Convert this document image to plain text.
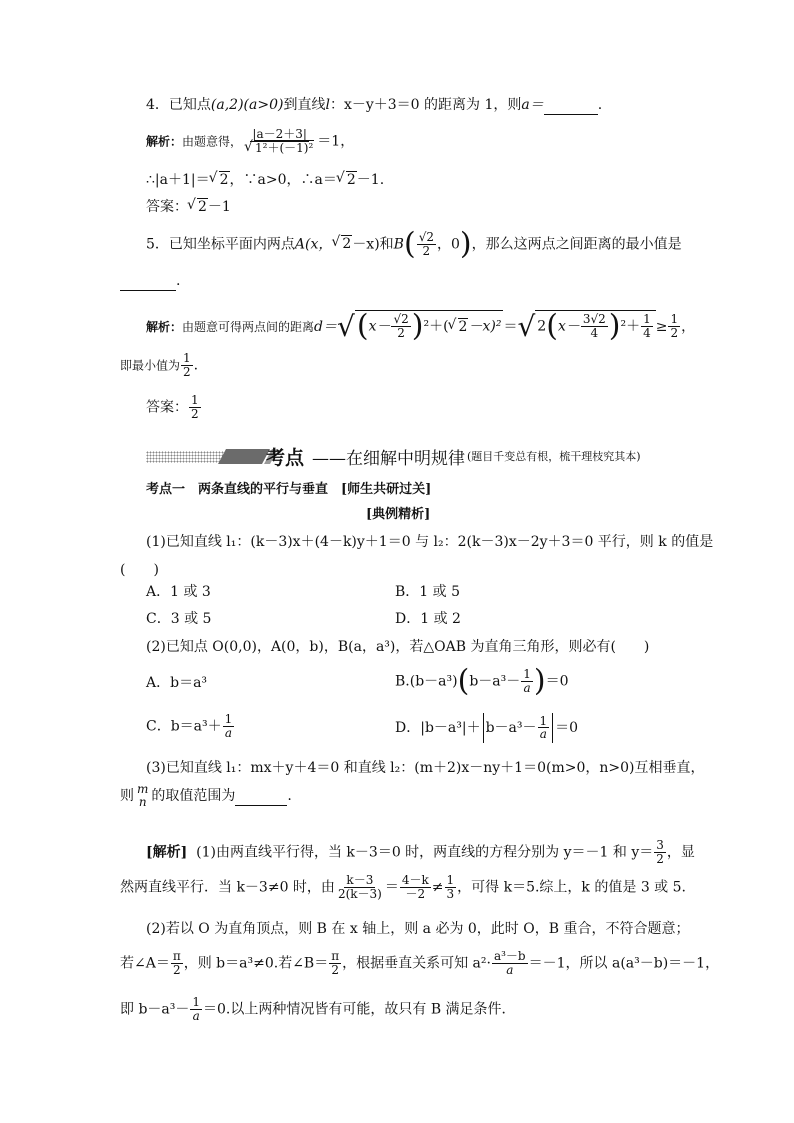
4．已知点(a,2)(a>0)到直线l：x－y＋3＝0 的距离为 1，则a＝	.
解析：由题意得， |a－2＋3|
√ 1²＋(－1)² ＝1，
∴|a＋1|＝√ 2，∵a>0，∴a＝√ 2－1.
答案：√ 2－1
5．已知坐标平面内两点A(x，√ 2－x)和$B( \frac{√2}{2}$ ，0)，那么这两点之间距离的最小值是
.
解析：由题意可得两点间的距离$d=√(x- \frac{√2}{2} )^2+(√$ 2－x)² ＝√ $2(x- \frac{3√2}{4} )^2+ \frac{1}{4} \ge \frac{1}{2}$ ，
即最小值为 $\frac{1}{2}$ .
答案： $\frac{1}{2}$
考点 ——在细解中明规律 (题目千变总有根，梳干理枝究其本)
考点一　两条直线的平行与垂直　[师生共研过关]
[典例精析]
(1)已知直线 l₁：(k－3)x＋(4－k)y＋1＝0 与 l₂：2(k－3)x－2y＋3＝0 平行，则 k 的值是
(　　)
A．1 或 3	B．1 或 5
C．3 或 5	D．1 或 2
(2)已知点 O(0,0)，A(0，b)，B(a，a³)，若△OAB 为直角三角形，则必有(　　)
A．b＝a³	$B.(b-a^3)(b-a^3- \frac{1}{a} )=0$
C．$b=a^3+ \frac{1}{a}$	D．$|b-a^3|+ b-a^3- \frac{1}{a} =0$
(3)已知直线 l₁：mx＋y＋4＝0 和直线 l₂：(m＋2)x－ny＋1＝0(m>0，n>0)互相垂直，
则 m
n 的取值范围为	.
[解析] (1)由两直线平行得，当 k－3＝0 时，两直线的方程分别为 y＝－1 和 $y= \frac{3}{2}$ ，显
然两直线平行．当 k－3≠0 时，由 $\frac{k-3}{2(k-3)} = \frac{4-k}{-2} \ne \frac{1}{3}$ ，可得 k＝5.综上，k 的值是 3 或 5.
(2)若以 O 为直角顶点，则 B 在 x 轴上，则 a 必为 0，此时 O，B 重合，不符合题意；
若∠A＝ $\frac{\pi}{2}$ ，则 b＝a³≠0.若∠B＝ $\frac{\pi}{2}$ ，根据垂直关系可知 $a^2\cdot \frac{\text{a³－b}}{a} =-1$，所以 a(a³－b)＝－1，
即 $b-a^3- \frac{1}{a} =0$.以上两种情况皆有可能，故只有 B 满足条件．
